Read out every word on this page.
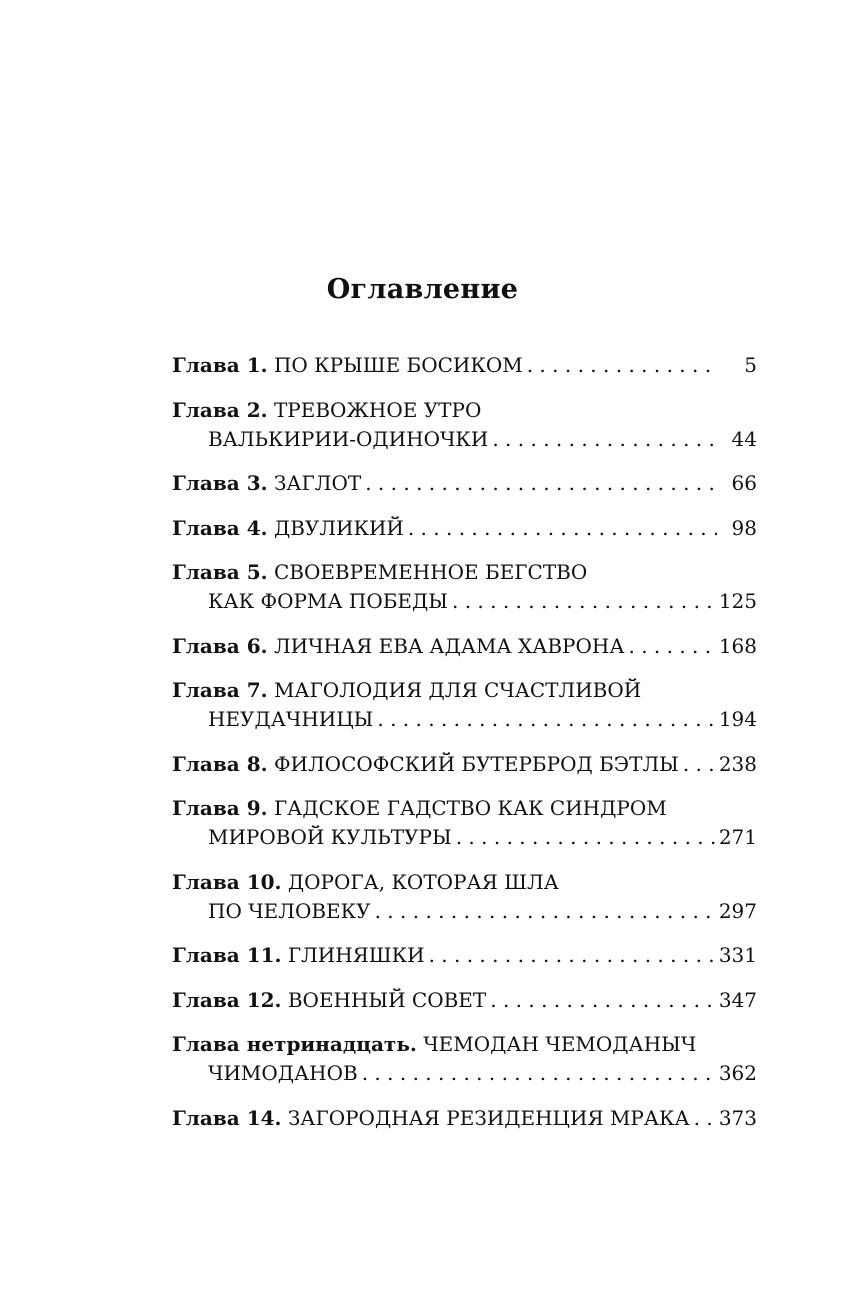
Оглавление
Глава 1.
ПО КРЫШЕ БОСИКОМ . . .	5
Глава 2.
ТРЕВОЖНОЕ УТРО
ВАЛЬКИРИИ-ОДИНОЧКИ . . .	44
Глава 3.
ЗАГЛОТ . . .	66
Глава 4.
ДВУЛИКИЙ . . .	98
Глава 5.
СВОЕВРЕМЕННОЕ БЕГСТВО
КАК ФОРМА ПОБЕДЫ . . .	125
Глава 6.
ЛИЧНАЯ ЕВА АДАМА ХАВРОНА . . .	168
Глава 7.
МАГОЛОДИЯ ДЛЯ СЧАСТЛИВОЙ
НЕУДАЧНИЦЫ . . .	194
Глава 8.
ФИЛОСОФСКИЙ БУТЕРБРОД БЭТЛЫ . . . 238
Глава 9.
ГАДСКОЕ ГАДСТВО КАК СИНДРОМ
МИРОВОЙ КУЛЬТУРЫ . . .	271
Глава 10.
ДОРОГА, КОТОРАЯ ШЛА
ПО ЧЕЛОВЕКУ . . .	297
Глава 11.
ГЛИНЯШКИ . . .	331
Глава 12.
ВОЕННЫЙ СОВЕТ . . .	347
Глава нетринадцать.
ЧЕМОДАН ЧЕМОДАНЫЧ
ЧИМОДАНОВ . . .	362
Глава 14.
ЗАГОРОДНАЯ РЕЗИДЕНЦИЯ МРАКА . . . 373
